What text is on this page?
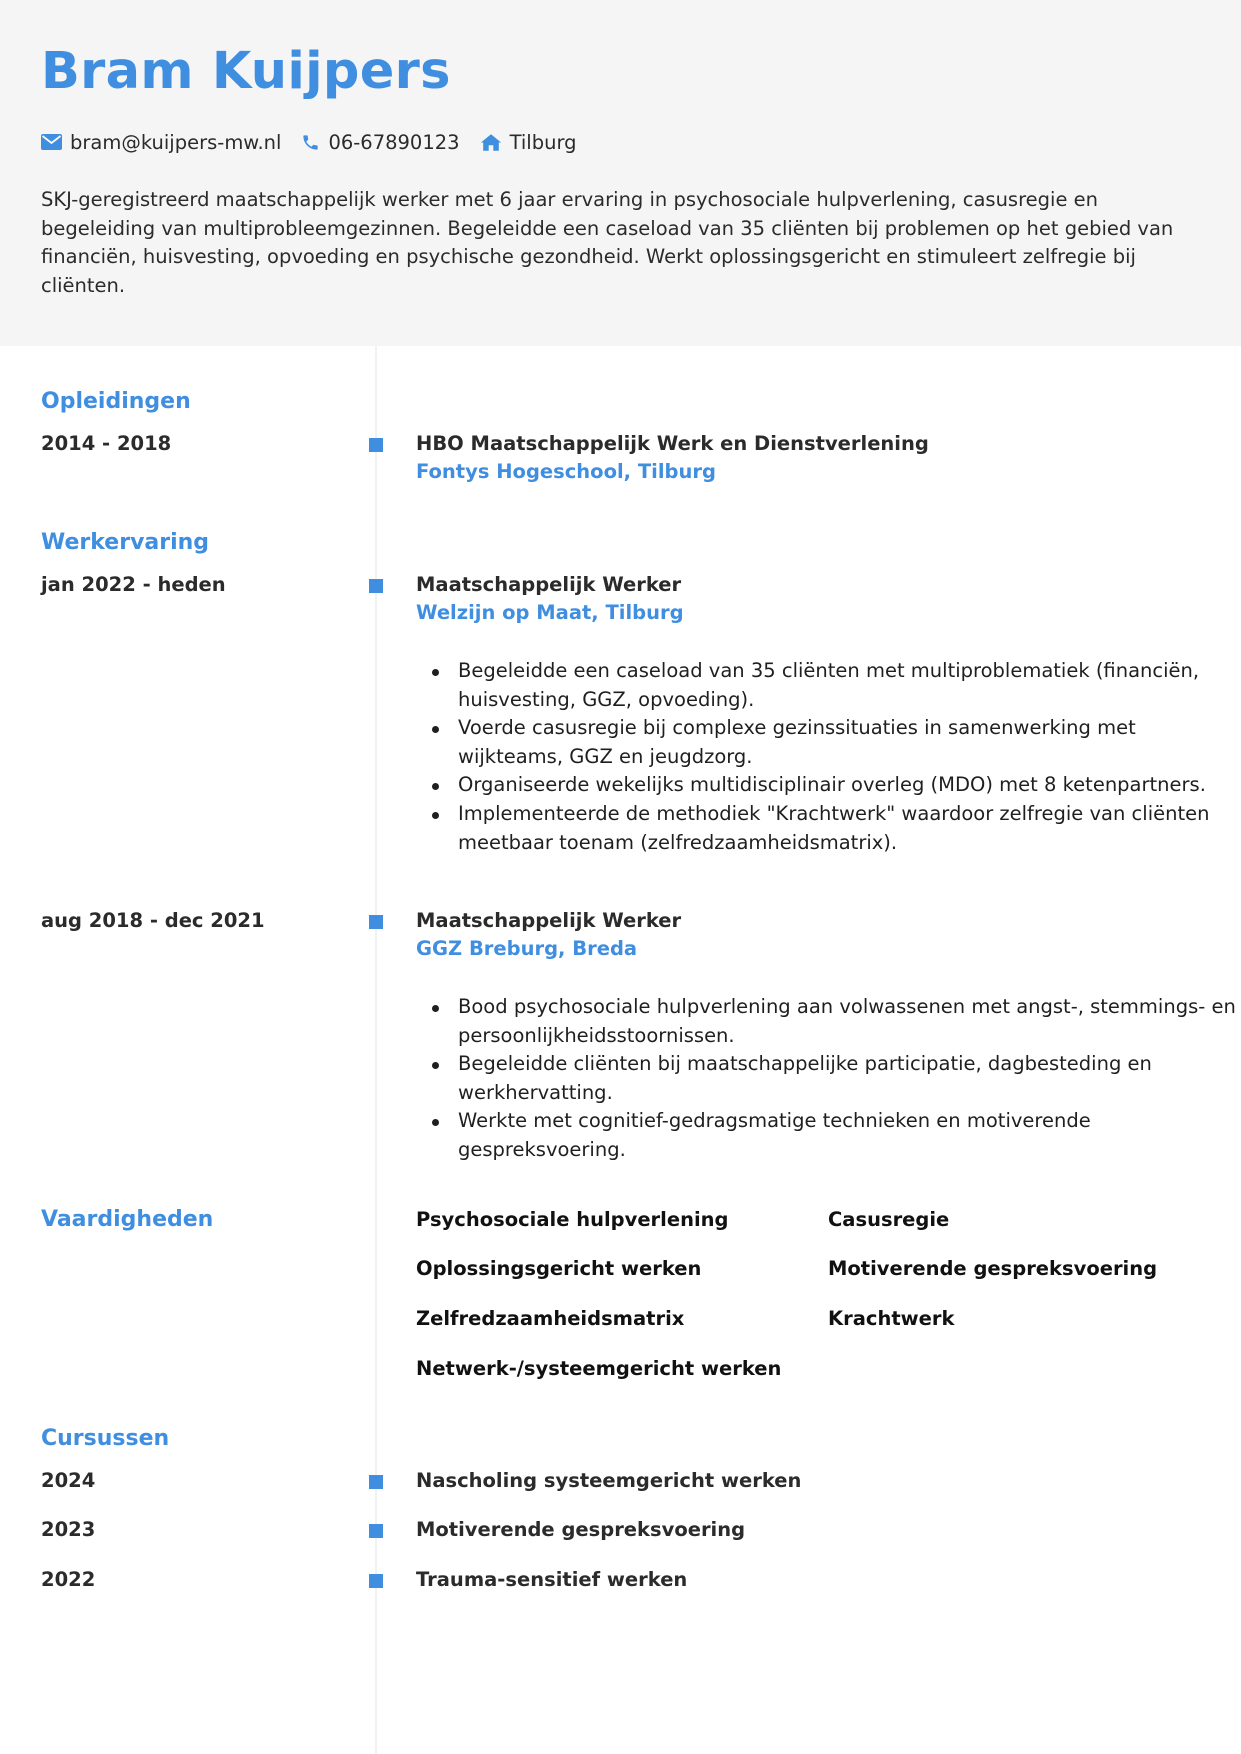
Bram Kuijpers
bram@kuijpers-mw.nl 06-67890123	Tilburg

SKJ-geregistreerd maatschappelijk werker met 6 jaar ervaring in psychosociale hulpverlening, casusregie en begeleiding van multiprobleemgezinnen. Begeleidde een caseload van 35 cliënten bij problemen op het gebied van financiën, huisvesting, opvoeding en psychische gezondheid. Werkt oplossingsgericht en stimuleert zelfregie bij cliënten.

Opleidingen
2014 - 2018	HBO Maatschappelijk Werk en Dienstverlening
Fontys Hogeschool, Tilburg
Werkervaring
jan 2022 - heden	Maatschappelijk Werker
Welzijn op Maat, Tilburg
Begeleidde een caseload van 35 cliënten met multiproblematiek (financiën, huisvesting, GGZ, opvoeding).
Voerde casusregie bij complexe gezinssituaties in samenwerking met wijkteams, GGZ en jeugdzorg.
Organiseerde wekelijks multidisciplinair overleg (MDO) met 8 ketenpartners.
Implementeerde de methodiek "Krachtwerk" waardoor zelfregie van cliënten meetbaar toenam (zelfredzaamheidsmatrix).
aug 2018 - dec 2021	Maatschappelijk Werker
GGZ Breburg, Breda
Bood psychosociale hulpverlening aan volwassenen met angst-, stemmings- en persoonlijkheidsstoornissen.
Begeleidde cliënten bij maatschappelijke participatie, dagbesteding en werkhervatting.
Werkte met cognitief-gedragsmatige technieken en motiverende gespreksvoering.
Vaardigheden	Psychosociale hulpverlening	Casusregie
Oplossingsgericht werken	Motiverende gespreksvoering
Zelfredzaamheidsmatrix	Krachtwerk
Netwerk-/systeemgericht werken
Cursussen
2024	Nascholing systeemgericht werken
2023	Motiverende gespreksvoering
2022	Trauma-sensitief werken
